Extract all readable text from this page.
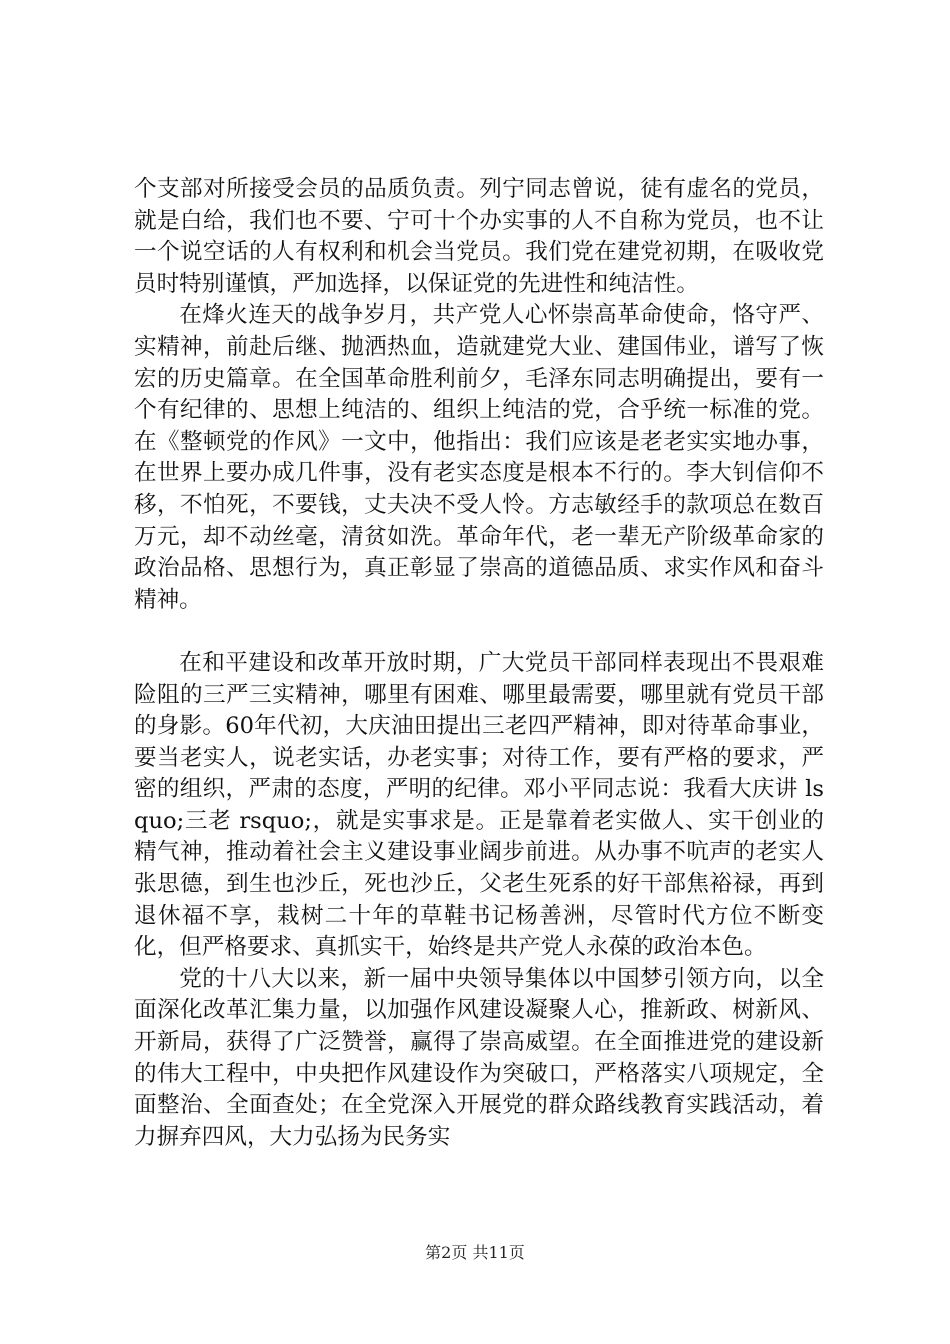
个支部对所接受会员的品质负责。列宁同志曾说，徒有虚名的党员，就是白给，我们也不要、宁可十个办实事的人不自称为党员，也不让一个说空话的人有权利和机会当党员。我们党在建党初期，在吸收党员时特别谨慎，严加选择，以保证党的先进性和纯洁性。

在烽火连天的战争岁月，共产党人心怀崇高革命使命，恪守严、实精神，前赴后继、抛洒热血，造就建党大业、建国伟业，谱写了恢宏的历史篇章。在全国革命胜利前夕，毛泽东同志明确提出，要有一个有纪律的、思想上纯洁的、组织上纯洁的党，合乎统一标准的党。在《整顿党的作风》一文中，他指出：我们应该是老老实实地办事，在世界上要办成几件事，没有老实态度是根本不行的。李大钊信仰不移，不怕死，不要钱，丈夫决不受人怜。方志敏经手的款项总在数百万元，却不动丝毫，清贫如洗。革命年代，老一辈无产阶级革命家的政治品格、思想行为，真正彰显了崇高的道德品质、求实作风和奋斗精神。

在和平建设和改革开放时期，广大党员干部同样表现出不畏艰难险阻的三严三实精神，哪里有困难、哪里最需要，哪里就有党员干部的身影。60年代初，大庆油田提出三老四严精神，即对待革命事业，要当老实人，说老实话，办老实事；对待工作，要有严格的要求，严密的组织，严肃的态度，严明的纪律。邓小平同志说：我看大庆讲 lsquo;三老 rsquo;，就是实事求是。正是靠着老实做人、实干创业的精气神，推动着社会主义建设事业阔步前进。从办事不吭声的老实人张思德，到生也沙丘，死也沙丘，父老生死系的好干部焦裕禄，再到退休福不享，栽树二十年的草鞋书记杨善洲，尽管时代方位不断变化，但严格要求、真抓实干，始终是共产党人永葆的政治本色。

党的十八大以来，新一届中央领导集体以中国梦引领方向，以全面深化改革汇集力量，以加强作风建设凝聚人心，推新政、树新风、开新局，获得了广泛赞誉，赢得了崇高威望。在全面推进党的建设新的伟大工程中，中央把作风建设作为突破口，严格落实八项规定，全面整治、全面查处；在全党深入开展党的群众路线教育实践活动，着力摒弃四风，大力弘扬为民务实

第2页 共11页
